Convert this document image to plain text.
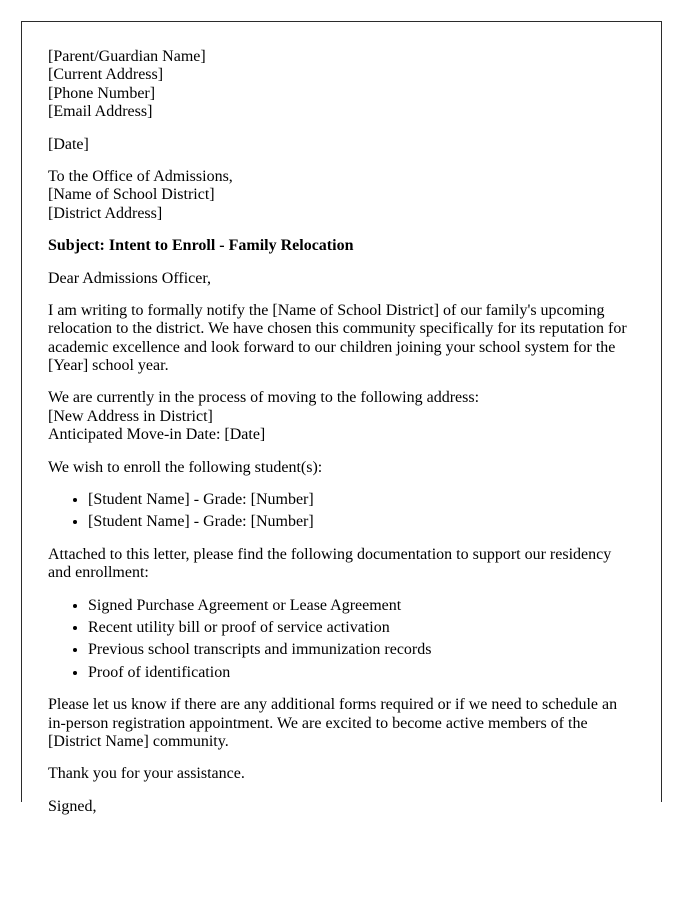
[Parent/Guardian Name]
[Current Address]
[Phone Number]
[Email Address]

[Date]

To the Office of Admissions,
[Name of School District]
[District Address]

Subject: Intent to Enroll - Family Relocation

Dear Admissions Officer,

I am writing to formally notify the [Name of School District] of our family's upcoming relocation to the district. We have chosen this community specifically for its reputation for academic excellence and look forward to our children joining your school system for the [Year] school year.

We are currently in the process of moving to the following address:
[New Address in District]
Anticipated Move-in Date: [Date]

We wish to enroll the following student(s):

• [Student Name] - Grade: [Number]
• [Student Name] - Grade: [Number]

Attached to this letter, please find the following documentation to support our residency and enrollment:

• Signed Purchase Agreement or Lease Agreement
• Recent utility bill or proof of service activation
• Previous school transcripts and immunization records
• Proof of identification

Please let us know if there are any additional forms required or if we need to schedule an in-person registration appointment. We are excited to become active members of the [District Name] community.

Thank you for your assistance.

Signed,
